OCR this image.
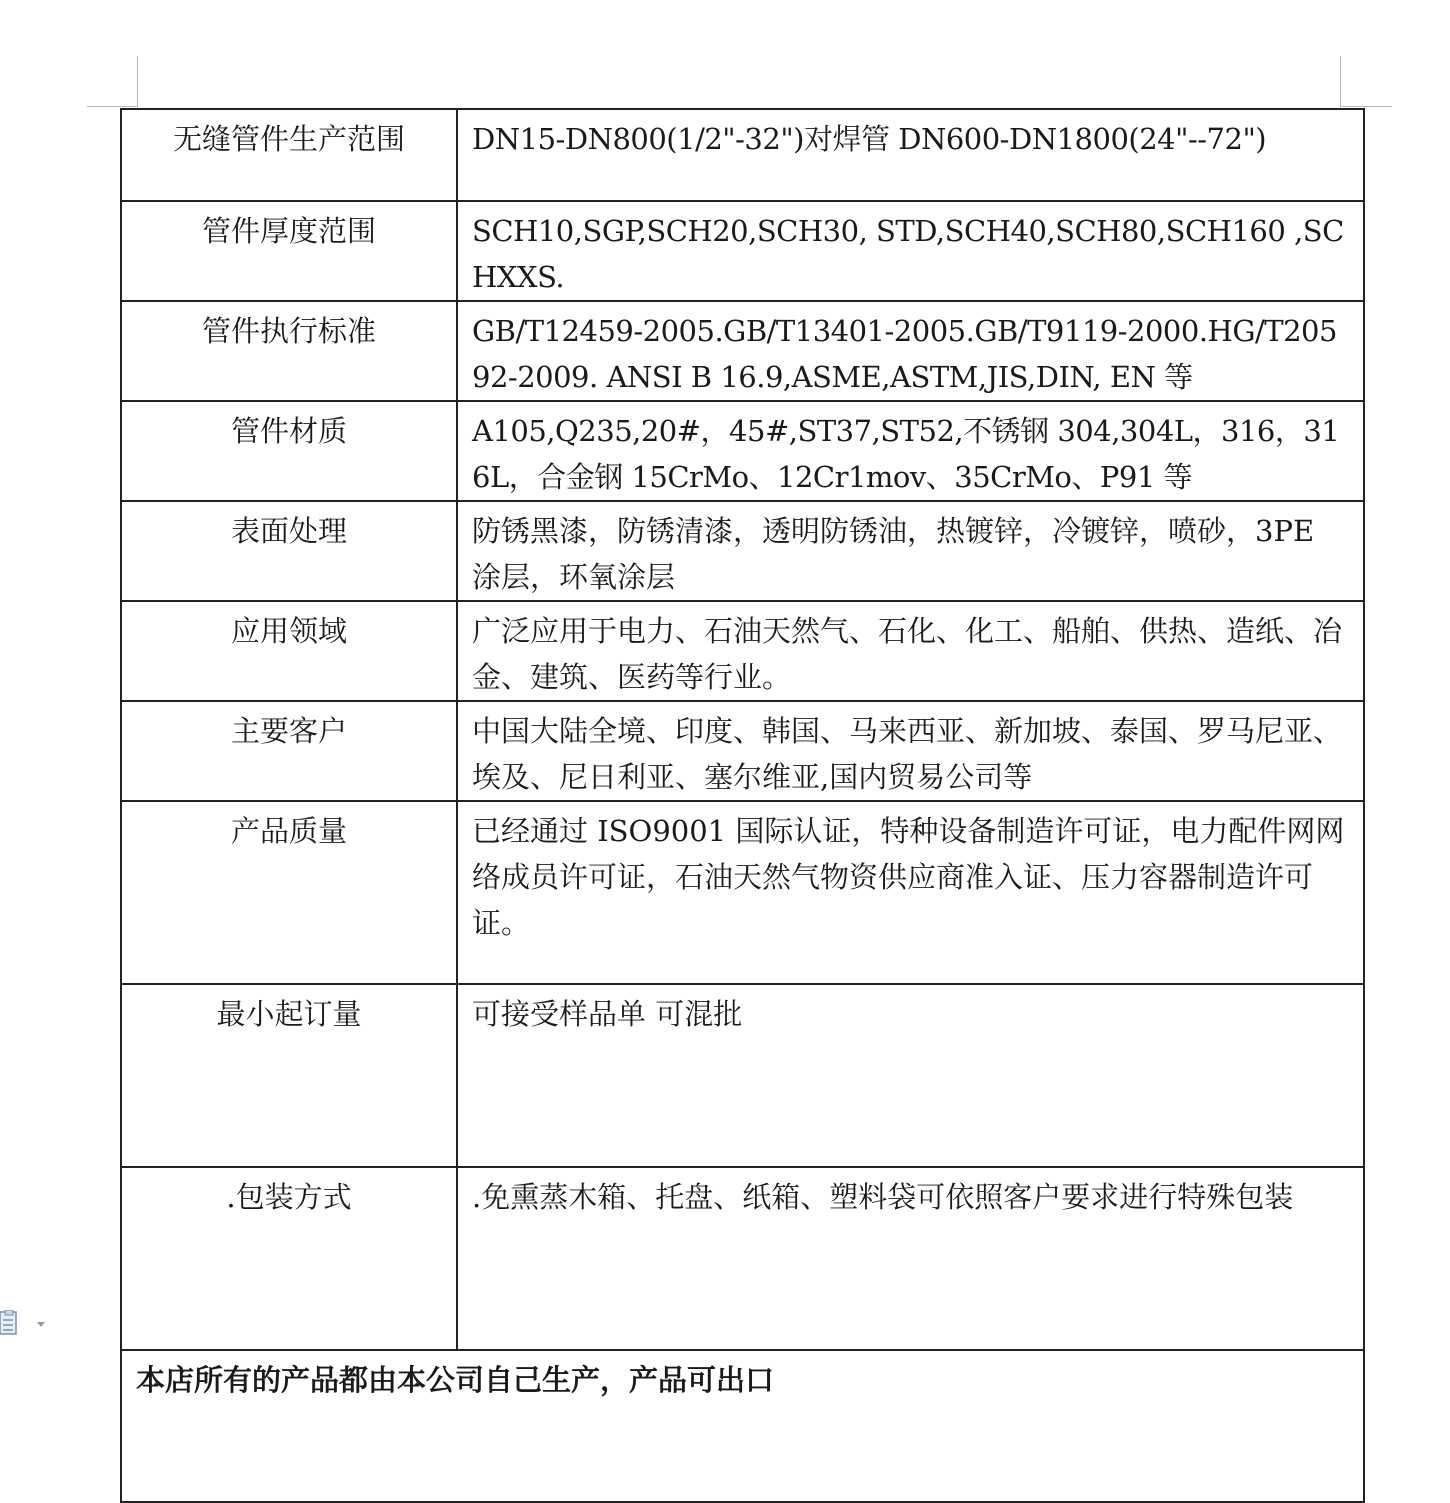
无缝管件生产范围	DN15-DN800(1/2"-32")对焊管 DN600-DN1800(24"--72")
管件厚度范围	SCH10,SGP,SCH20,SCH30, STD,SCH40,SCH80,SCH160 ,SCHXXS.
管件执行标准	GB/T12459-2005.GB/T13401-2005.GB/T9119-2000.HG/T20592-2009. ANSI B 16.9,ASME,ASTM,JIS,DIN, EN 等
管件材质	A105,Q235,20#，45#,ST37,ST52,不锈钢 304,304L，316，316L，合金钢 15CrMo、12Cr1mov、35CrMo、P91 等
表面处理	防锈黑漆，防锈清漆，透明防锈油，热镀锌，冷镀锌，喷砂，3PE 涂层，环氧涂层
应用领域	广泛应用于电力、石油天然气、石化、化工、船舶、供热、造纸、冶金、建筑、医药等行业。
主要客户	中国大陆全境、印度、韩国、马来西亚、新加坡、泰国、罗马尼亚、埃及、尼日利亚、塞尔维亚,国内贸易公司等
产品质量	已经通过 ISO9001 国际认证，特种设备制造许可证，电力配件网网络成员许可证，石油天然气物资供应商准入证、压力容器制造许可证。
最小起订量	可接受样品单 可混批
.包装方式	.免熏蒸木箱、托盘、纸箱、塑料袋可依照客户要求进行特殊包装
本店所有的产品都由本公司自己生产，产品可出口	
